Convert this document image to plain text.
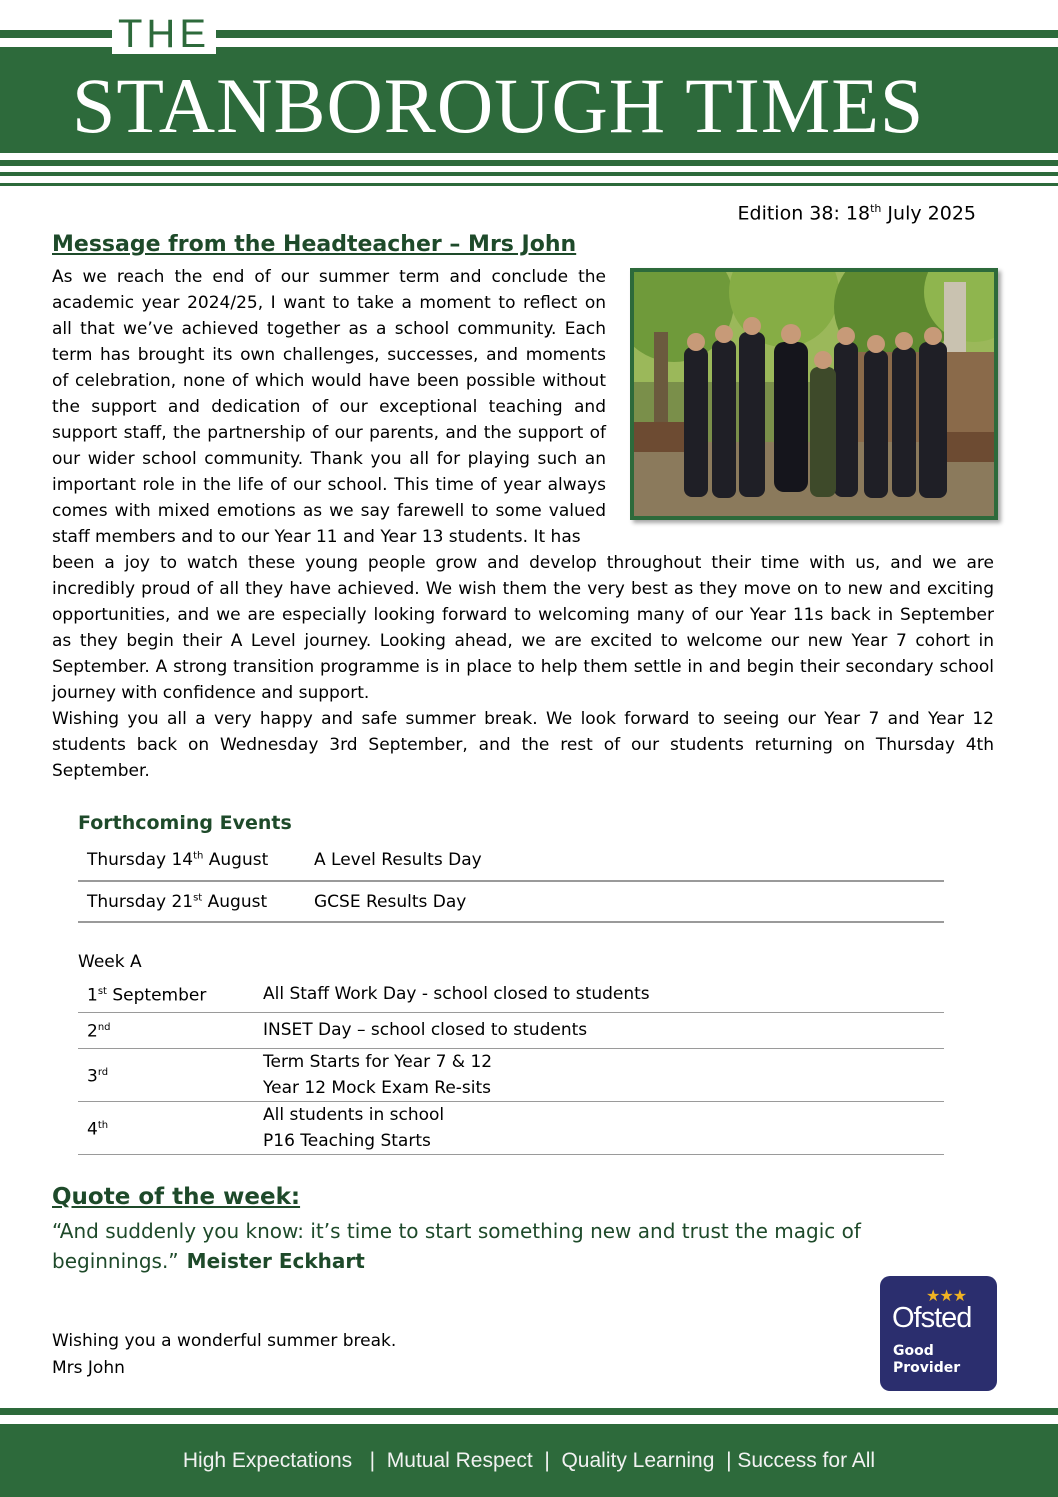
THE
STANBOROUGH TIMES
Edition 38: 18th July 2025
Message from the Headteacher – Mrs John
As we reach the end of our summer term and conclude the academic year 2024/25, I want to take a moment to reflect on all that we’ve achieved together as a school community. Each term has brought its own challenges, successes, and moments of celebration, none of which would have been possible without the support and dedication of our exceptional teaching and support staff, the partnership of our parents, and the support of our wider school community. Thank you all for playing such an important role in the life of our school. This time of year always comes with mixed emotions as we say farewell to some valued staff members and to our Year 11 and Year 13 students. It has

been a joy to watch these young people grow and develop throughout their time with us, and we are incredibly proud of all they have achieved. We wish them the very best as they move on to new and exciting opportunities, and we are especially looking forward to welcoming many of our Year 11s back in September as they begin their A Level journey. Looking ahead, we are excited to welcome our new Year 7 cohort in September. A strong transition programme is in place to help them settle in and begin their secondary school journey with confidence and support.

Wishing you all a very happy and safe summer break. We look forward to seeing our Year 7 and Year 12 students back on Wednesday 3rd September, and the rest of our students returning on Thursday 4th September.

Forthcoming Events
Thursday 14th August	A Level Results Day
Thursday 21st August	GCSE Results Day
Week A
1st September	All Staff Work Day - school closed to students

2nd	INSET Day – school closed to students

3rd	Term Starts for Year 7 & 12
Year 12 Mock Exam Re-sits

4th	All students in school
P16 Teaching Starts
Quote of the week:
“And suddenly you know: it’s time to start something new and trust the magic of beginnings.” Meister Eckhart
Wishing you a wonderful summer break.
Mrs John
★★★
Ofsted
Good
Provider
High Expectations   |  Mutual Respect  |  Quality Learning  | Success for All
